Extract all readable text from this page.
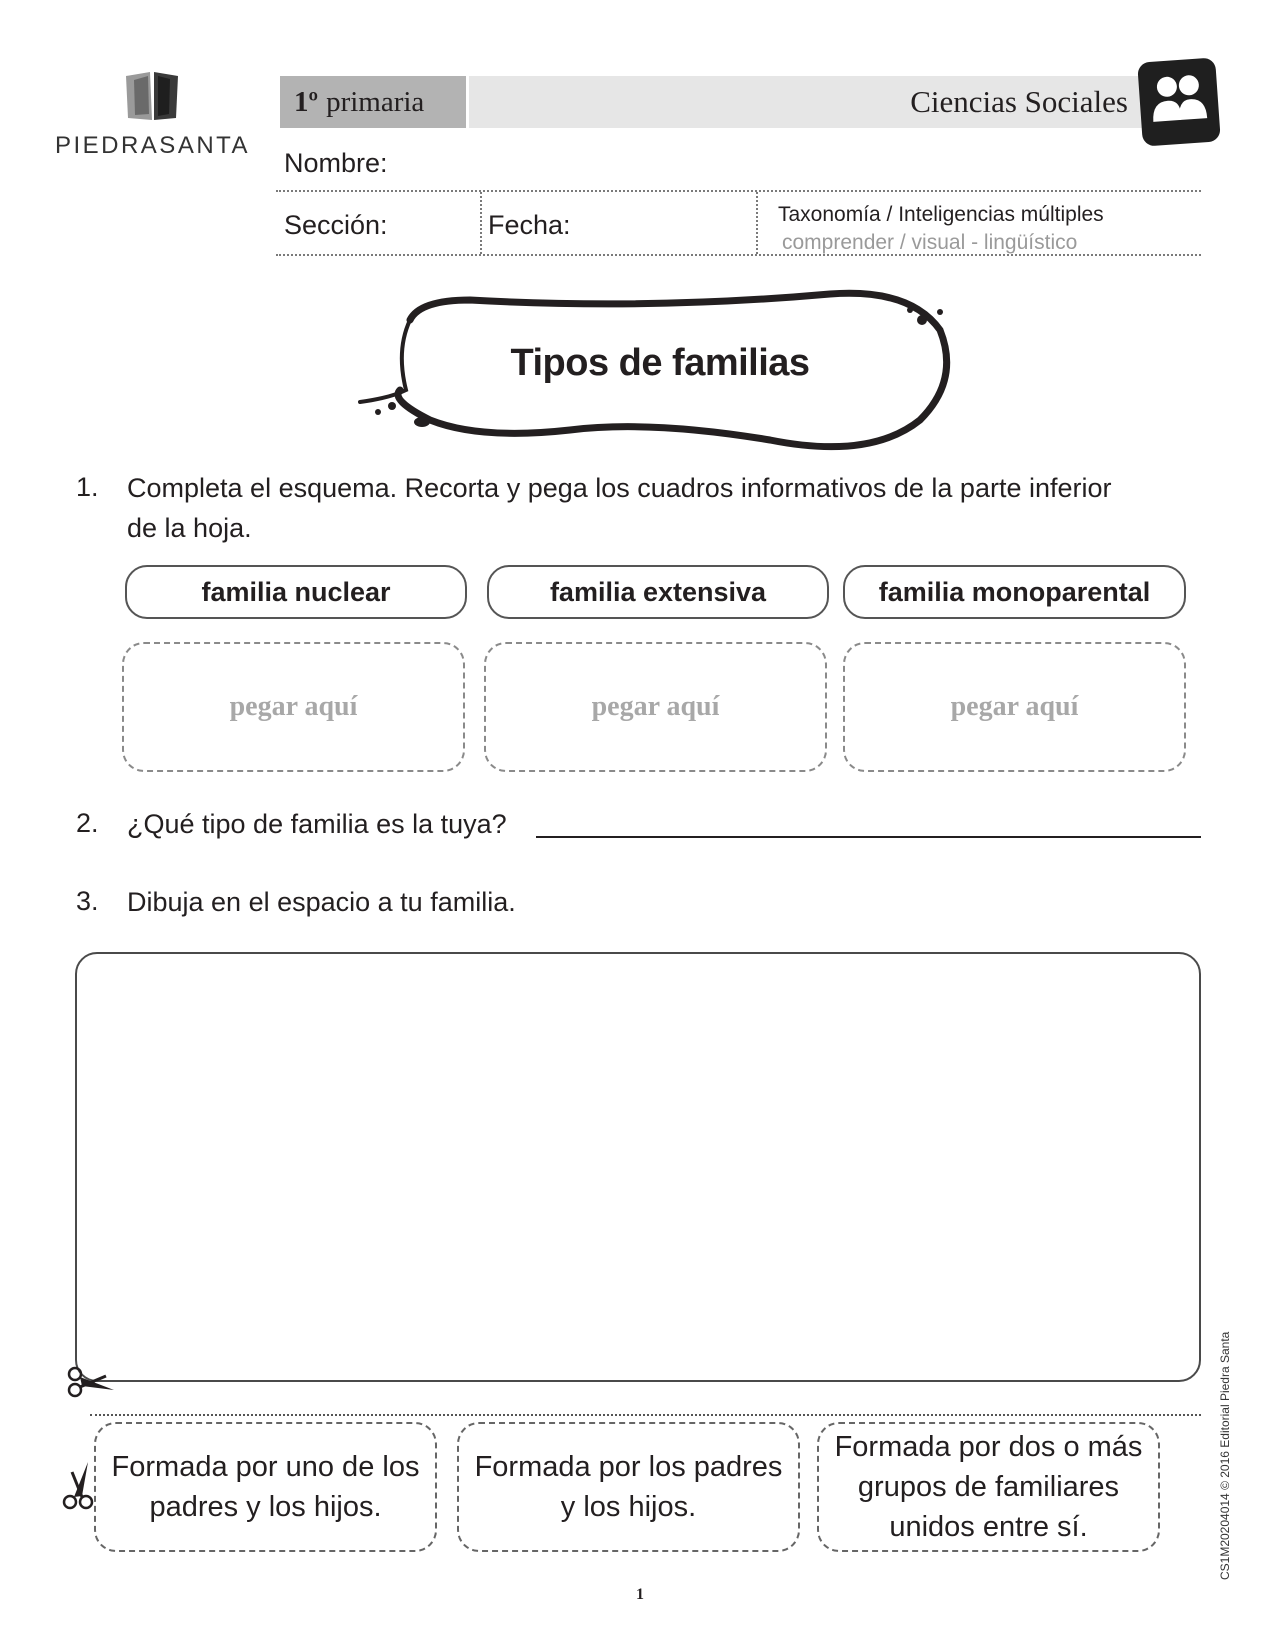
PIEDRASANTA
1º primaria	Ciencias Sociales
Nombre:
Sección:	Fecha:	Taxonomía / Inteligencias múltiples
comprender / visual - lingüístico
Tipos de familias
1. Completa el esquema. Recorta y pega los cuadros informativos de la parte inferior
de la hoja.
familia nuclear	familia extensiva	familia monoparental
pegar aquí	pegar aquí	pegar aquí
2. ¿Qué tipo de familia es la tuya?
3. Dibuja en el espacio a tu familia.
Formada por uno de los
padres y los hijos.
Formada por los padres
y los hijos.
Formada por dos o más
grupos de familiares
unidos entre sí.	CS1M20204014 © 2016 Editorial Piedra Santa
1
